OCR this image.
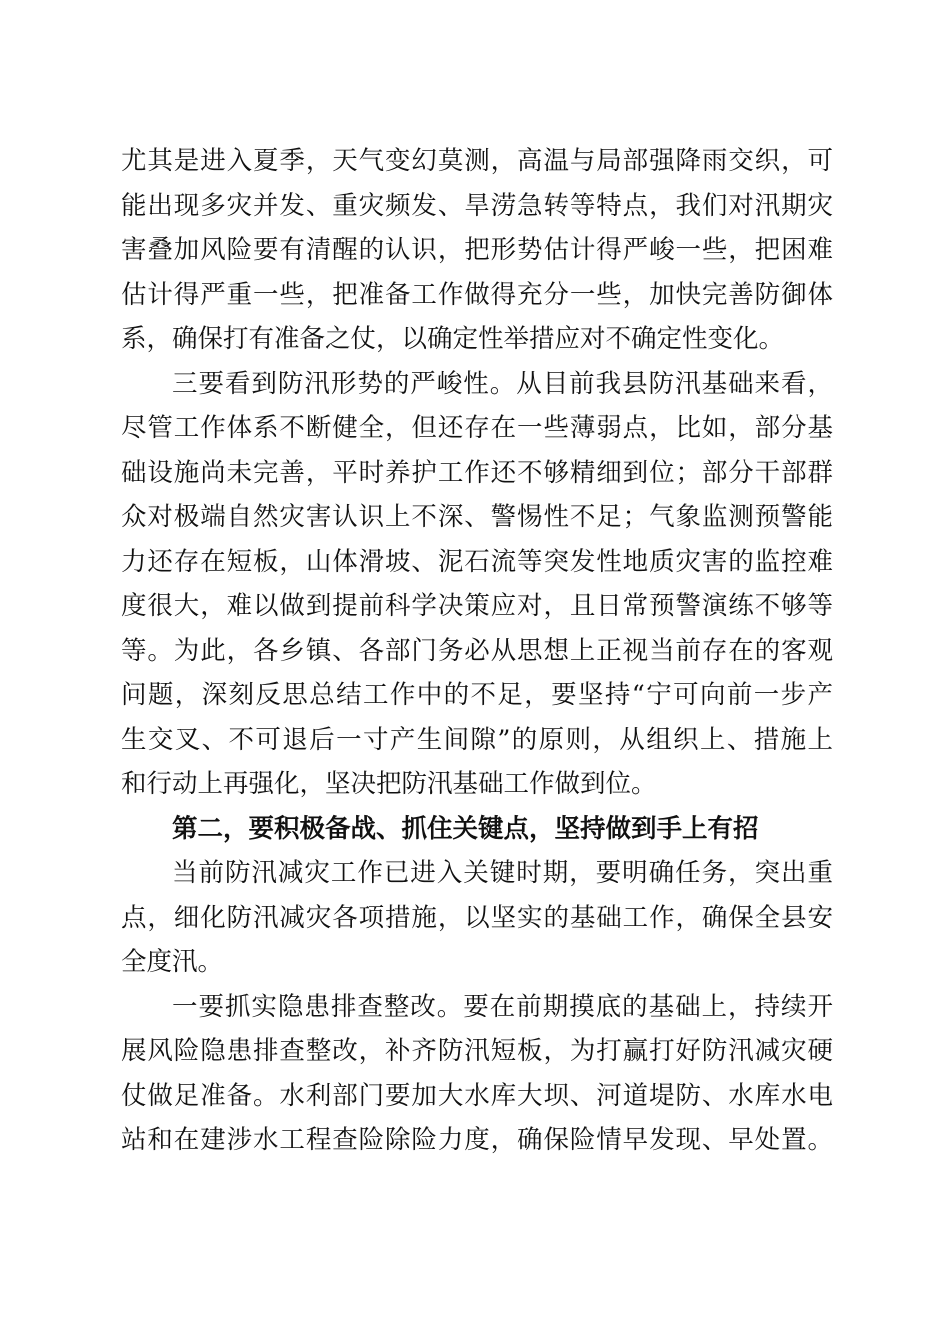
尤其是进入夏季，天气变幻莫测，高温与局部强降雨交织，可
能出现多灾并发、重灾频发、旱涝急转等特点，我们对汛期灾
害叠加风险要有清醒的认识，把形势估计得严峻一些，把困难
估计得严重一些，把准备工作做得充分一些，加快完善防御体
系，确保打有准备之仗，以确定性举措应对不确定性变化。
三要看到防汛形势的严峻性。从目前我县防汛基础来看，
尽管工作体系不断健全，但还存在一些薄弱点，比如，部分基
础设施尚未完善，平时养护工作还不够精细到位；部分干部群
众对极端自然灾害认识上不深、警惕性不足；气象监测预警能
力还存在短板，山体滑坡、泥石流等突发性地质灾害的监控难
度很大，难以做到提前科学决策应对，且日常预警演练不够等
等。为此，各乡镇、各部门务必从思想上正视当前存在的客观
问题，深刻反思总结工作中的不足，要坚持“宁可向前一步产
生交叉、不可退后一寸产生间隙”的原则，从组织上、措施上
和行动上再强化，坚决把防汛基础工作做到位。
第二，要积极备战、抓住关键点，坚持做到手上有招
当前防汛减灾工作已进入关键时期，要明确任务，突出重
点，细化防汛减灾各项措施，以坚实的基础工作，确保全县安
全度汛。
一要抓实隐患排查整改。要在前期摸底的基础上，持续开
展风险隐患排查整改，补齐防汛短板，为打赢打好防汛减灾硬
仗做足准备。水利部门要加大水库大坝、河道堤防、水库水电
站和在建涉水工程查险除险力度，确保险情早发现、早处置。
